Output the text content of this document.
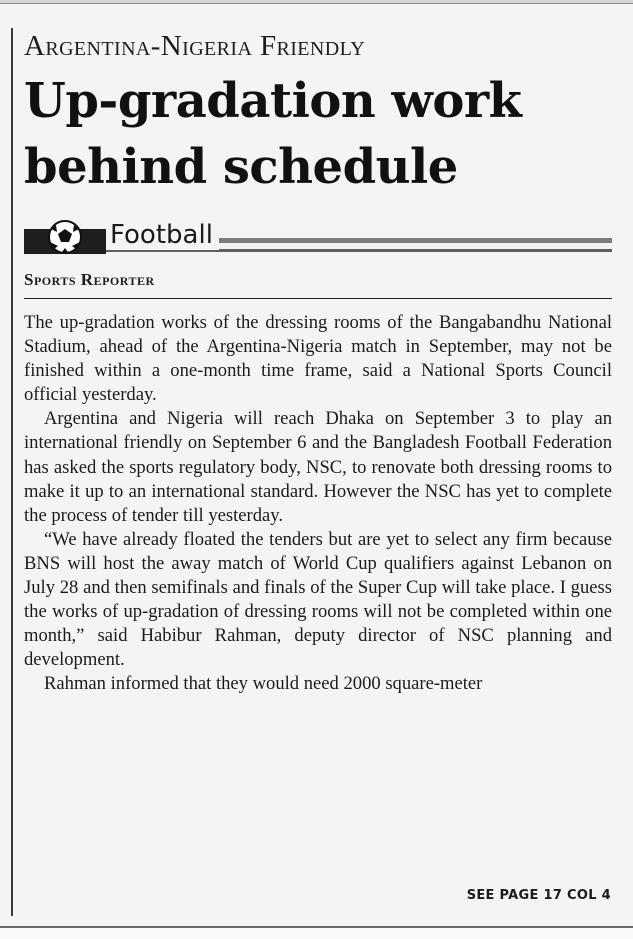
Argentina-Nigeria Friendly
Up-gradation work behind schedule
Football
Sports Reporter

The up-gradation works of the dressing rooms of the Bangabandhu National Stadium, ahead of the Argentina-Nigeria match in September, may not be finished within a one-month time frame, said a National Sports Council official yesterday.

Argentina and Nigeria will reach Dhaka on September 3 to play an international friendly on September 6 and the Bangladesh Football Federation has asked the sports regulatory body, NSC, to renovate both dressing rooms to make it up to an international standard. However the NSC has yet to complete the process of tender till yesterday.

“We have already floated the tenders but are yet to select any firm because BNS will host the away match of World Cup qualifiers against Lebanon on July 28 and then semifinals and finals of the Super Cup will take place. I guess the works of up-gradation of dressing rooms will not be completed within one month,” said Habibur Rahman, deputy director of NSC planning and development.

Rahman informed that they would need 2000 square-meter

SEE PAGE 17 COL 4
